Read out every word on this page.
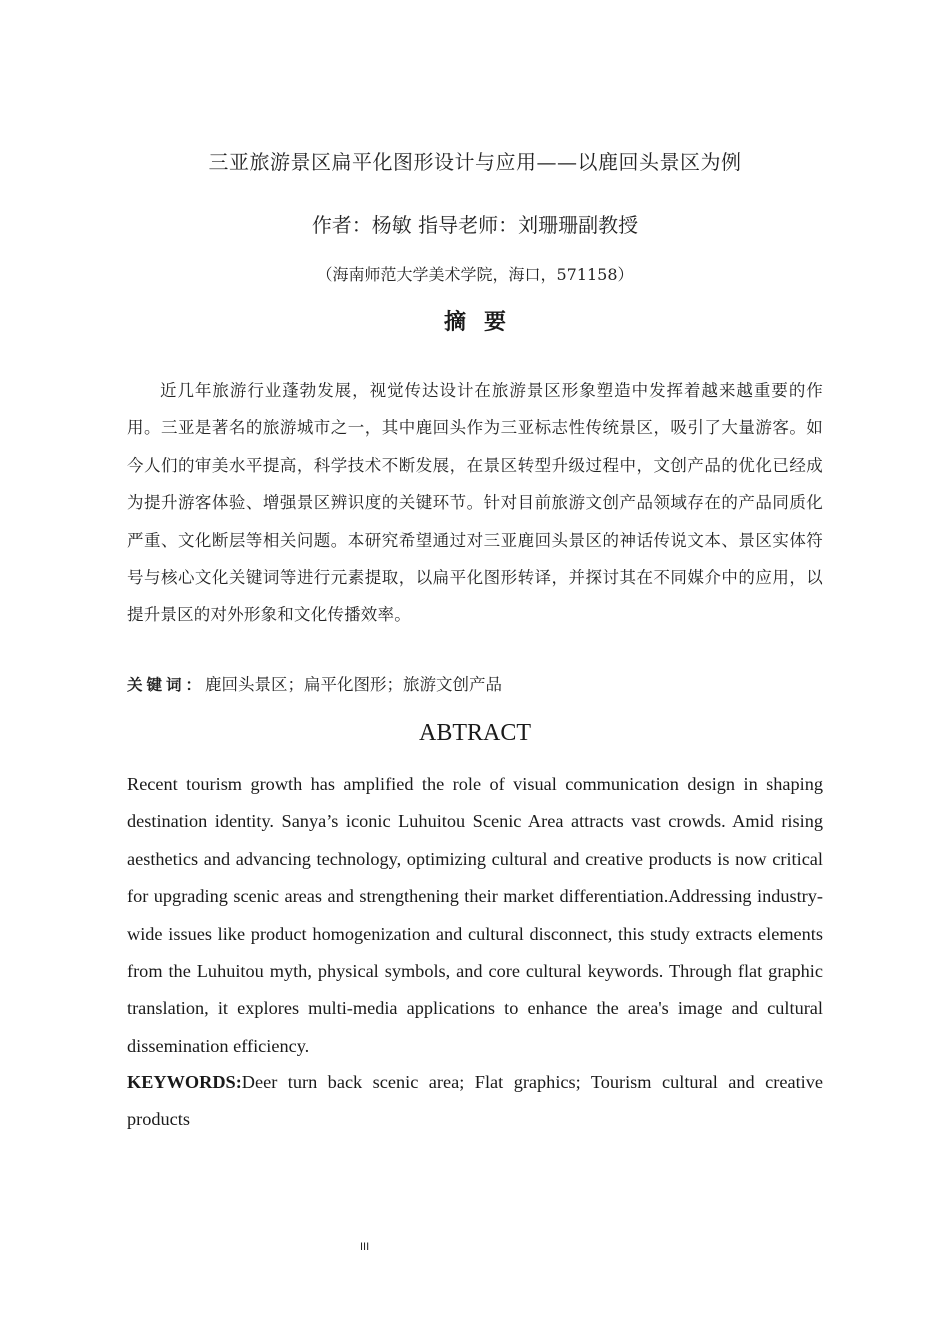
三亚旅游景区扁平化图形设计与应用——以鹿回头景区为例
作者：杨敏 指导老师：刘珊珊副教授
（海南师范大学美术学院，海口，571158）
摘要
近几年旅游行业蓬勃发展，视觉传达设计在旅游景区形象塑造中发挥着越来越重要的作用。三亚是著名的旅游城市之一，其中鹿回头作为三亚标志性传统景区，吸引了大量游客。如今人们的审美水平提高，科学技术不断发展，在景区转型升级过程中，文创产品的优化已经成为提升游客体验、增强景区辨识度的关键环节。针对目前旅游文创产品领域存在的产品同质化严重、文化断层等相关问题。本研究希望通过对三亚鹿回头景区的神话传说文本、景区实体符号与核心文化关键词等进行元素提取，以扁平化图形转译，并探讨其在不同媒介中的应用，以提升景区的对外形象和文化传播效率。
关键词：鹿回头景区；扁平化图形；旅游文创产品
ABTRACT
Recent tourism growth has amplified the role of visual communication design in shaping destination identity. Sanya’s iconic Luhuitou Scenic Area attracts vast crowds. Amid rising aesthetics and advancing technology, optimizing cultural and creative products is now critical for upgrading scenic areas and strengthening their market differentiation.Addressing industry-wide issues like product homogenization and cultural disconnect, this study extracts elements from the Luhuitou myth, physical symbols, and core cultural keywords. Through flat graphic translation, it explores multi-media applications to enhance the area's image and cultural dissemination efficiency.
KEYWORDS:Deer turn back scenic area; Flat graphics; Tourism cultural and creative products
III
